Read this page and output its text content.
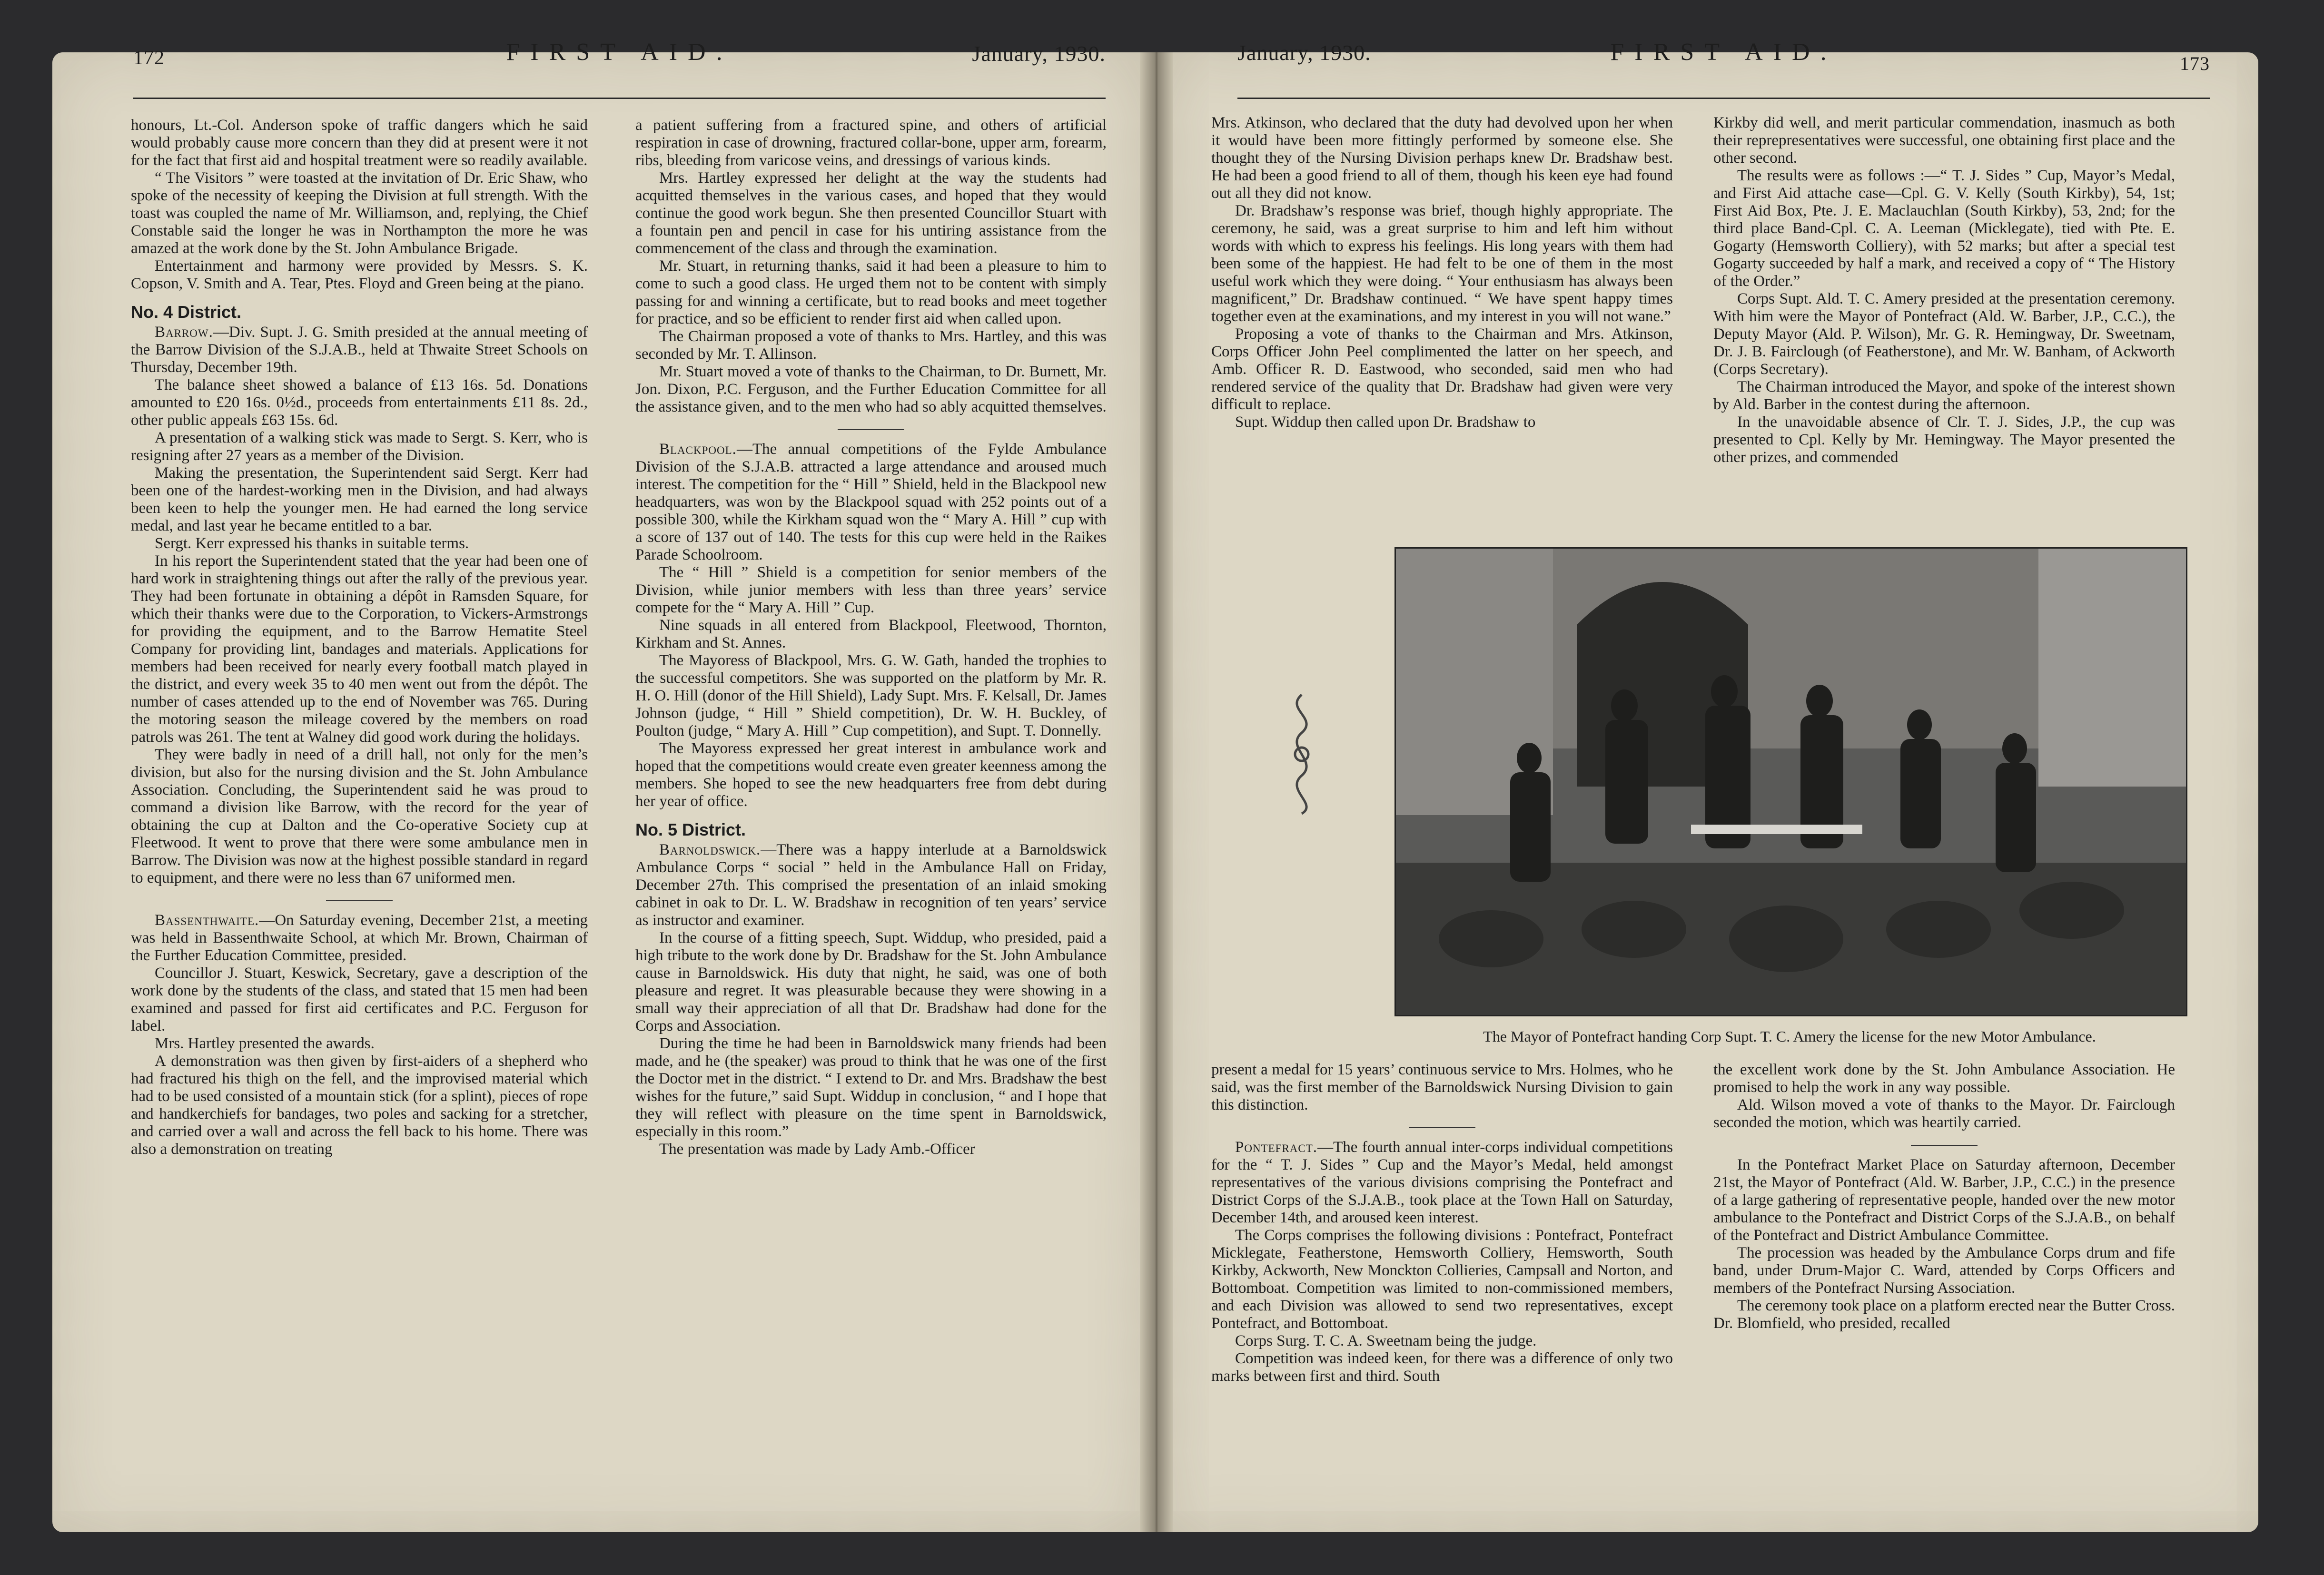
172	FIRST AID.	January, 1930.

honours, Lt.-Col. Anderson spoke of traffic dangers which he said would probably cause more concern than they did at present were it not for the fact that first aid and hospital treatment were so readily available.

“ The Visitors ” were toasted at the invitation of Dr. Eric Shaw, who spoke of the necessity of keeping the Division at full strength. With the toast was coupled the name of Mr. Williamson, and, replying, the Chief Constable said the longer he was in Northampton the more he was amazed at the work done by the St. John Ambulance Brigade.

Entertainment and harmony were provided by Messrs. S. K. Copson, V. Smith and A. Tear, Ptes. Floyd and Green being at the piano.

No. 4 District.

Barrow.—Div. Supt. J. G. Smith presided at the annual meeting of the Barrow Division of the S.J.A.B., held at Thwaite Street Schools on Thursday, December 19th.

The balance sheet showed a balance of £13 16s. 5d. Donations amounted to £20 16s. 0½d., proceeds from entertainments £11 8s. 2d., other public appeals £63 15s. 6d.

A presentation of a walking stick was made to Sergt. S. Kerr, who is resigning after 27 years as a member of the Division.

Making the presentation, the Superintendent said Sergt. Kerr had been one of the hardest-working men in the Division, and had always been keen to help the younger men. He had earned the long service medal, and last year he became entitled to a bar.

Sergt. Kerr expressed his thanks in suitable terms.

In his report the Superintendent stated that the year had been one of hard work in straightening things out after the rally of the previous year. They had been fortunate in obtaining a dépôt in Ramsden Square, for which their thanks were due to the Corporation, to Vickers-Armstrongs for providing the equipment, and to the Barrow Hematite Steel Company for providing lint, bandages and materials. Applications for members had been received for nearly every football match played in the district, and every week 35 to 40 men went out from the dépôt. The number of cases attended up to the end of November was 765. During the motoring season the mileage covered by the members on road patrols was 261. The tent at Walney did good work during the holidays.

They were badly in need of a drill hall, not only for the men’s division, but also for the nursing division and the St. John Ambulance Association. Concluding, the Superintendent said he was proud to command a division like Barrow, with the record for the year of obtaining the cup at Dalton and the Co-operative Society cup at Fleetwood. It went to prove that there were some ambulance men in Barrow. The Division was now at the highest possible standard in regard to equipment, and there were no less than 67 uniformed men.

Bassenthwaite.—On Saturday evening, December 21st, a meeting was held in Bassenthwaite School, at which Mr. Brown, Chairman of the Further Education Committee, presided.

Councillor J. Stuart, Keswick, Secretary, gave a description of the work done by the students of the class, and stated that 15 men had been examined and passed for first aid certificates and P.C. Ferguson for label.

Mrs. Hartley presented the awards.

A demonstration was then given by first-aiders of a shepherd who had fractured his thigh on the fell, and the improvised material which had to be used consisted of a mountain stick (for a splint), pieces of rope and handkerchiefs for bandages, two poles and sacking for a stretcher, and carried over a wall and across the fell back to his home. There was also a demonstration on treating

a patient suffering from a fractured spine, and others of artificial respiration in case of drowning, fractured collar-bone, upper arm, forearm, ribs, bleeding from varicose veins, and dressings of various kinds.

Mrs. Hartley expressed her delight at the way the students had acquitted themselves in the various cases, and hoped that they would continue the good work begun. She then presented Councillor Stuart with a fountain pen and pencil in case for his untiring assistance from the commencement of the class and through the examination.

Mr. Stuart, in returning thanks, said it had been a pleasure to him to come to such a good class. He urged them not to be content with simply passing for and winning a certificate, but to read books and meet together for practice, and so be efficient to render first aid when called upon.

The Chairman proposed a vote of thanks to Mrs. Hartley, and this was seconded by Mr. T. Allinson.

Mr. Stuart moved a vote of thanks to the Chairman, to Dr. Burnett, Mr. Jon. Dixon, P.C. Ferguson, and the Further Education Committee for all the assistance given, and to the men who had so ably acquitted themselves.

Blackpool.—The annual competitions of the Fylde Ambulance Division of the S.J.A.B. attracted a large attendance and aroused much interest. The competition for the “ Hill ” Shield, held in the Blackpool new headquarters, was won by the Blackpool squad with 252 points out of a possible 300, while the Kirkham squad won the “ Mary A. Hill ” cup with a score of 137 out of 140. The tests for this cup were held in the Raikes Parade Schoolroom.

The “ Hill ” Shield is a competition for senior members of the Division, while junior members with less than three years’ service compete for the “ Mary A. Hill ” Cup.

Nine squads in all entered from Blackpool, Fleetwood, Thornton, Kirkham and St. Annes.

The Mayoress of Blackpool, Mrs. G. W. Gath, handed the trophies to the successful competitors. She was supported on the platform by Mr. R. H. O. Hill (donor of the Hill Shield), Lady Supt. Mrs. F. Kelsall, Dr. James Johnson (judge, “ Hill ” Shield competition), Dr. W. H. Buckley, of Poulton (judge, “ Mary A. Hill ” Cup competition), and Supt. T. Donnelly.

The Mayoress expressed her great interest in ambulance work and hoped that the competitions would create even greater keenness among the members. She hoped to see the new headquarters free from debt during her year of office.

No. 5 District.

Barnoldswick.—There was a happy interlude at a Barnoldswick Ambulance Corps “ social ” held in the Ambulance Hall on Friday, December 27th. This comprised the presentation of an inlaid smoking cabinet in oak to Dr. L. W. Bradshaw in recognition of ten years’ service as instructor and examiner.

In the course of a fitting speech, Supt. Widdup, who presided, paid a high tribute to the work done by Dr. Bradshaw for the St. John Ambulance cause in Barnoldswick. His duty that night, he said, was one of both pleasure and regret. It was pleasurable because they were showing in a small way their appreciation of all that Dr. Bradshaw had done for the Corps and Association.

During the time he had been in Barnoldswick many friends had been made, and he (the speaker) was proud to think that he was one of the first the Doctor met in the district. “ I extend to Dr. and Mrs. Bradshaw the best wishes for the future,” said Supt. Widdup in conclusion, “ and I hope that they will reflect with pleasure on the time spent in Barnoldswick, especially in this room.”

The presentation was made by Lady Amb.-Officer

January, 1930.	FIRST AID.	173

Mrs. Atkinson, who declared that the duty had devolved upon her when it would have been more fittingly performed by someone else. She thought they of the Nursing Division perhaps knew Dr. Bradshaw best. He had been a good friend to all of them, though his keen eye had found out all they did not know.

Dr. Bradshaw’s response was brief, though highly appropriate. The ceremony, he said, was a great surprise to him and left him without words with which to express his feelings. His long years with them had been some of the happiest. He had felt to be one of them in the most useful work which they were doing. “ Your enthusiasm has always been magnificent,” Dr. Bradshaw continued. “ We have spent happy times together even at the examinations, and my interest in you will not wane.”

Proposing a vote of thanks to the Chairman and Mrs. Atkinson, Corps Officer John Peel complimented the latter on her speech, and Amb. Officer R. D. Eastwood, who seconded, said men who had rendered service of the quality that Dr. Bradshaw had given were very difficult to replace.

Supt. Widdup then called upon Dr. Bradshaw to

Kirkby did well, and merit particular commendation, inasmuch as both their reprepresentatives were successful, one obtaining first place and the other second.

The results were as follows :—“ T. J. Sides ” Cup, Mayor’s Medal, and First Aid attache case—Cpl. G. V. Kelly (South Kirkby), 54, 1st; First Aid Box, Pte. J. E. Maclauchlan (South Kirkby), 53, 2nd; for the third place Band-Cpl. C. A. Leeman (Micklegate), tied with Pte. E. Gogarty (Hemsworth Colliery), with 52 marks; but after a special test Gogarty succeeded by half a mark, and received a copy of “ The History of the Order.”

Corps Supt. Ald. T. C. Amery presided at the presentation ceremony. With him were the Mayor of Pontefract (Ald. W. Barber, J.P., C.C.), the Deputy Mayor (Ald. P. Wilson), Mr. G. R. Hemingway, Dr. Sweetnam, Dr. J. B. Fairclough (of Featherstone), and Mr. W. Banham, of Ackworth (Corps Secretary).

The Chairman introduced the Mayor, and spoke of the interest shown by Ald. Barber in the contest during the afternoon.

In the unavoidable absence of Clr. T. J. Sides, J.P., the cup was presented to Cpl. Kelly by Mr. Hemingway. The Mayor presented the other prizes, and commended

The Mayor of Pontefract handing Corp Supt. T. C. Amery the license for the new Motor Ambulance.

present a medal for 15 years’ continuous service to Mrs. Holmes, who he said, was the first member of the Barnoldswick Nursing Division to gain this distinction.

Pontefract.—The fourth annual inter-corps individual competitions for the “ T. J. Sides ” Cup and the Mayor’s Medal, held amongst representatives of the various divisions comprising the Pontefract and District Corps of the S.J.A.B., took place at the Town Hall on Saturday, December 14th, and aroused keen interest.

The Corps comprises the following divisions : Pontefract, Pontefract Micklegate, Featherstone, Hemsworth Colliery, Hemsworth, South Kirkby, Ackworth, New Monckton Collieries, Campsall and Norton, and Bottomboat. Competition was limited to non-commissioned members, and each Division was allowed to send two representatives, except Pontefract, and Bottomboat.

Corps Surg. T. C. A. Sweetnam being the judge.

Competition was indeed keen, for there was a difference of only two marks between first and third. South

the excellent work done by the St. John Ambulance Association. He promised to help the work in any way possible.

Ald. Wilson moved a vote of thanks to the Mayor. Dr. Fairclough seconded the motion, which was heartily carried.

In the Pontefract Market Place on Saturday afternoon, December 21st, the Mayor of Pontefract (Ald. W. Barber, J.P., C.C.) in the presence of a large gathering of representative people, handed over the new motor ambulance to the Pontefract and District Corps of the S.J.A.B., on behalf of the Pontefract and District Ambulance Committee.

The procession was headed by the Ambulance Corps drum and fife band, under Drum-Major C. Ward, attended by Corps Officers and members of the Pontefract Nursing Association.

The ceremony took place on a platform erected near the Butter Cross. Dr. Blomfield, who presided, recalled
